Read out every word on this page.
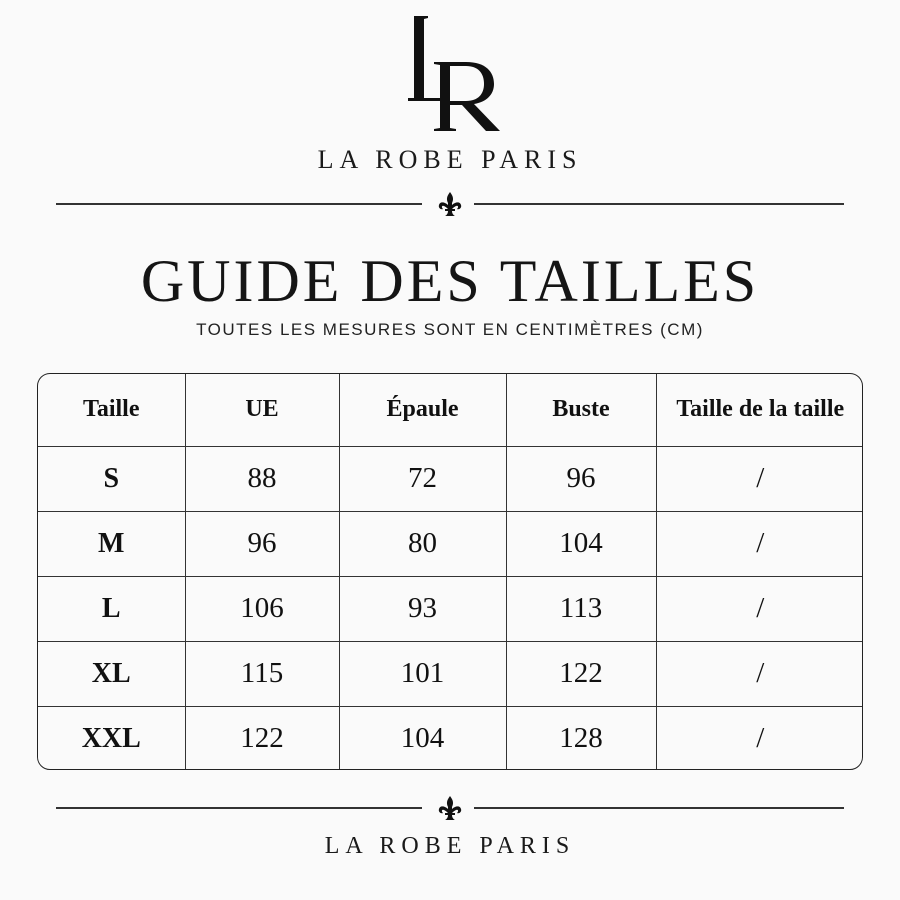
LA ROBE PARIS
GUIDE DES TAILLES
TOUTES LES MESURES SONT EN CENTIMÈTRES (CM)
Taille	UE	Épaule	Buste	Taille de la taille
S	88	72	96	/
M	96	80	104	/
L	106	93	113	/
XL	115	101	122	/
XXL	122	104	128	/
LA ROBE PARIS
